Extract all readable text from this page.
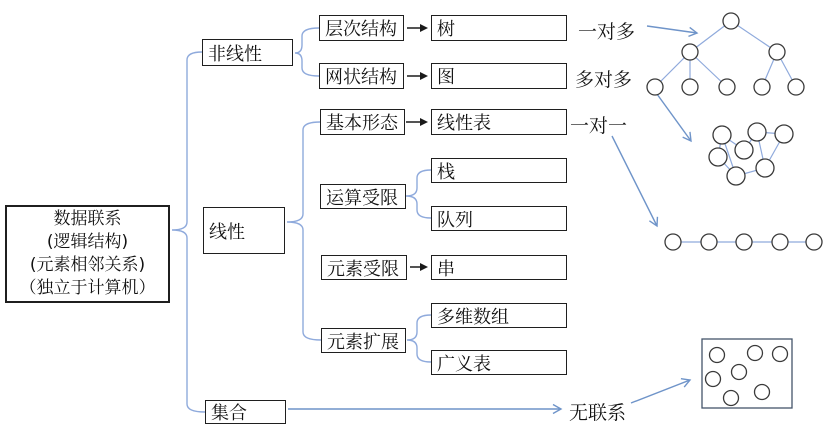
数据联系
(逻辑结构)
(元素相邻关系)
（独立于计算机）
非线性
线性
集合
层次结构
网状结构
基本形态
运算受限
元素受限
元素扩展
树
图
线性表
栈
队列
串
多维数组
广义表
一对多
多对多
一对一
无联系
